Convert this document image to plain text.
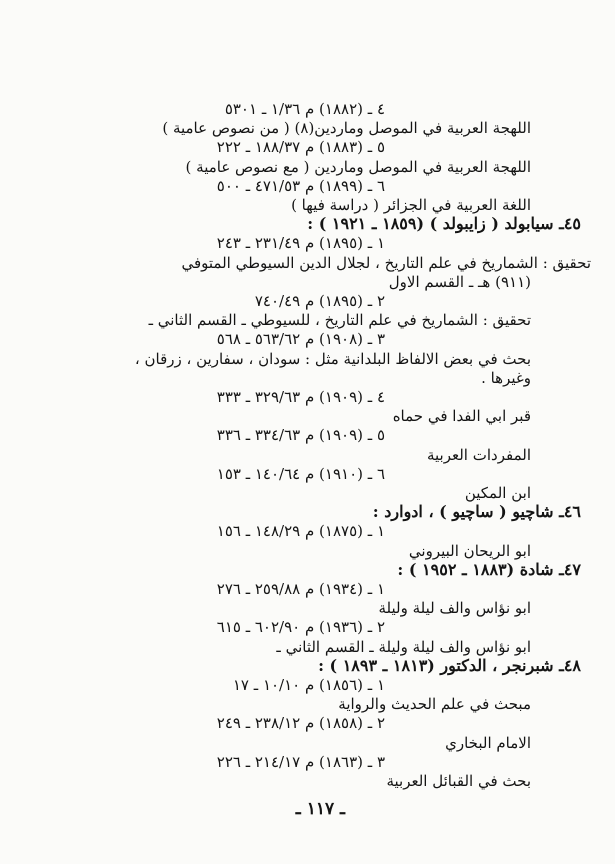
٤ ـ (١٨٨٢) م ١/٣٦ ـ ٥٣٠١
اللهجة العربية في الموصل وماردين(٨) ( من نصوص عامية )
٥ ـ (١٨٨٣) م ١٨٨/٣٧ ـ ٢٢٢
اللهجة العربية في الموصل وماردين ( مع نصوص عامية )
٦ ـ (١٨٩٩) م ٤٧١/٥٣ ـ ٥٠٠
اللغة العربية في الجزائر ( دراسة فيها )
٤٥ـ سيابولد ( زايبولد ) (١٨٥٩ ـ ١٩٢١ ) :
١ ـ (١٨٩٥) م ٢٣١/٤٩ ـ ٢٤٣
تحقيق : الشماريخ في علم التاريخ ، لجلال الدين السيوطي المتوفي
(٩١١) هـ ـ القسم الاول
٢ ـ (١٨٩٥) م ٧٤٠/٤٩
تحقيق : الشماريخ في علم التاريخ ، للسيوطي ـ القسم الثاني ـ
٣ ـ (١٩٠٨) م ٥٦٣/٦٢ ـ ٥٦٨
بحث في بعض الالفاظ البلدانية مثل : سودان ، سفارين ، زرقان ،
وغيرها .
٤ ـ (١٩٠٩) م ٣٢٩/٦٣ ـ ٣٣٣
قبر ابي الفدا في حماه
٥ ـ (١٩٠٩) م ٣٣٤/٦٣ ـ ٣٣٦
المفردات العربية
٦ ـ (١٩١٠) م ١٤٠/٦٤ ـ ١٥٣
ابن المكين
٤٦ـ شاچيو ( ساچيو ) ، ادوارد :
١ ـ (١٨٧٥) م ١٤٨/٢٩ ـ ١٥٦
ابو الريحان البيروني
٤٧ـ شادة (١٨٨٣ ـ ١٩٥٢ ) :
١ ـ (١٩٣٤) م ٢٥٩/٨٨ ـ ٢٧٦
ابو نؤاس والف ليلة وليلة
٢ ـ (١٩٣٦) م ٦٠٢/٩٠ ـ ٦١٥
ابو نؤاس والف ليلة وليلة ـ القسم الثاني ـ
٤٨ـ شبرنجر ، الدكتور (١٨١٣ ـ ١٨٩٣ ) :
١ ـ (١٨٥٦) م ١٠/١٠ ـ ١٧
مبحث في علم الحديث والرواية
٢ ـ (١٨٥٨) م ٢٣٨/١٢ ـ ٢٤٩
الامام البخاري
٣ ـ (١٨٦٣) م ٢١٤/١٧ ـ ٢٢٦
بحث في القبائل العربية
ـ ١١٧ ـ
